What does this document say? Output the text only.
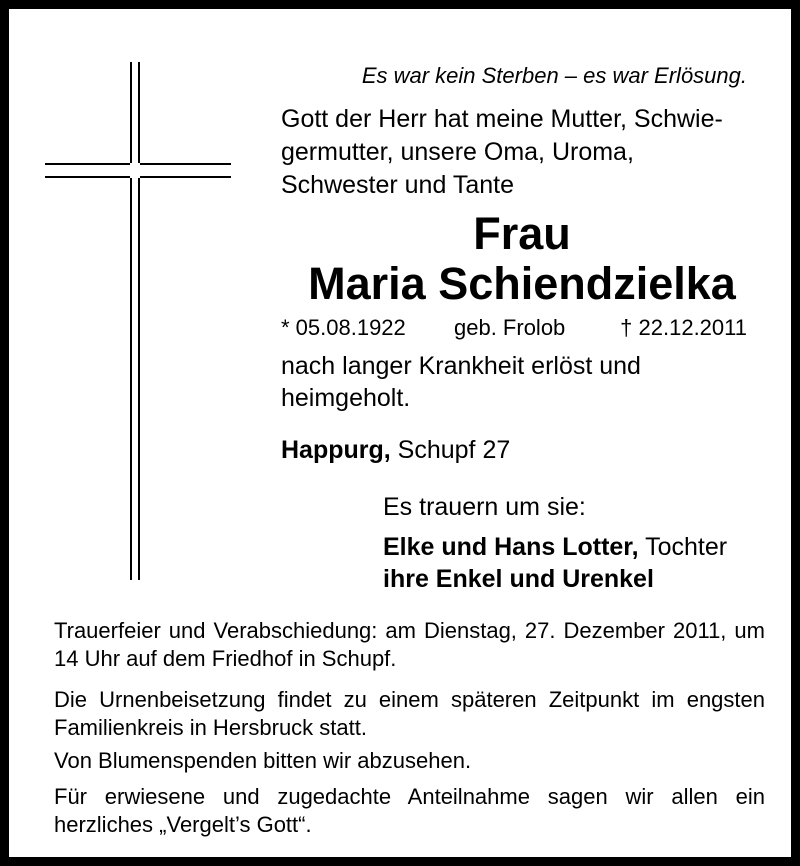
Es war kein Sterben – es war Erlösung.
Gott der Herr hat meine Mutter, Schwie-
germutter, unsere Oma, Uroma,
Schwester und Tante
Frau
Maria Schiendzielka
* 05.08.1922 geb. Frolob † 22.12.2011
nach langer Krankheit erlöst und
heimgeholt.
Happurg, Schupf 27
Es trauern um sie:
Elke und Hans Lotter, Tochter
ihre Enkel und Urenkel
Trauerfeier und Verabschiedung: am Dienstag, 27. Dezember 2011, um 14 Uhr auf dem Friedhof in Schupf.
Die Urnenbeisetzung findet zu einem späteren Zeitpunkt im engsten Familienkreis in Hersbruck statt.
Von Blumenspenden bitten wir abzusehen.
Für erwiesene und zugedachte Anteilnahme sagen wir allen ein herzliches „Vergelt’s Gott“.
